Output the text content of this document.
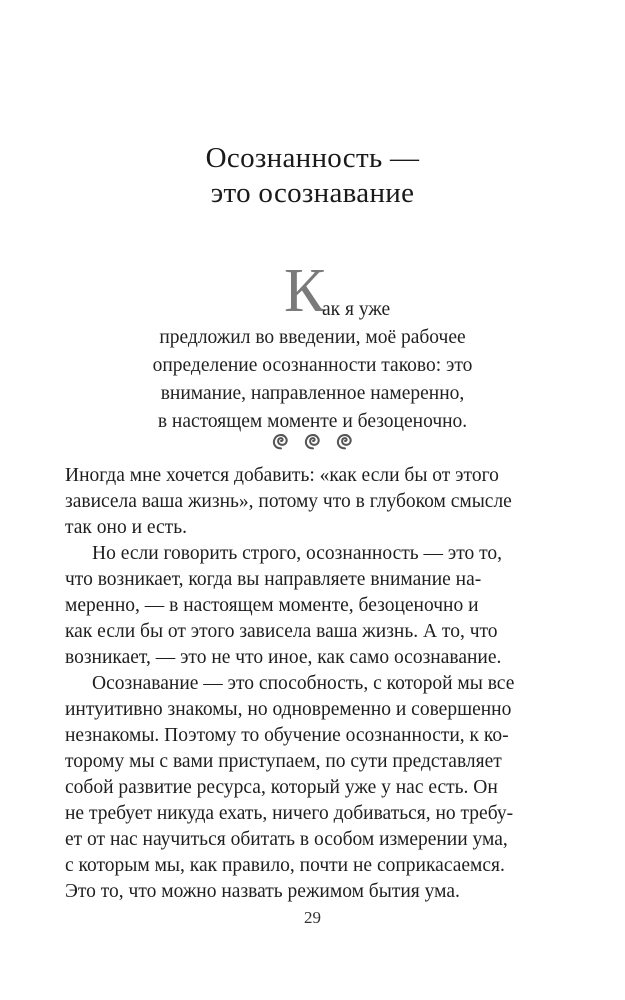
Осознанность —
это осознавание
К
ак я уже
предложил во введении, моё рабочее
определение осознанности таково: это
внимание, направленное намеренно,
в настоящем моменте и безоценочно.
Иногда мне хочется добавить: «как если бы от этого
зависела ваша жизнь», потому что в глубоком смысле
так оно и есть.
Но если говорить строго, осознанность — это то,
что возникает, когда вы направляете внимание на-
меренно, — в настоящем моменте, безоценочно и
как если бы от этого зависела ваша жизнь. А то, что
возникает, — это не что иное, как само осознавание.
Осознавание — это способность, с которой мы все
интуитивно знакомы, но одновременно и совершенно
незнакомы. Поэтому то обучение осознанности, к ко-
торому мы с вами приступаем, по сути представляет
собой развитие ресурса, который уже у нас есть. Он
не требует никуда ехать, ничего добиваться, но требу-
ет от нас научиться обитать в особом измерении ума,
с которым мы, как правило, почти не соприкасаемся.
Это то, что можно назвать режимом бытия ума.
29
